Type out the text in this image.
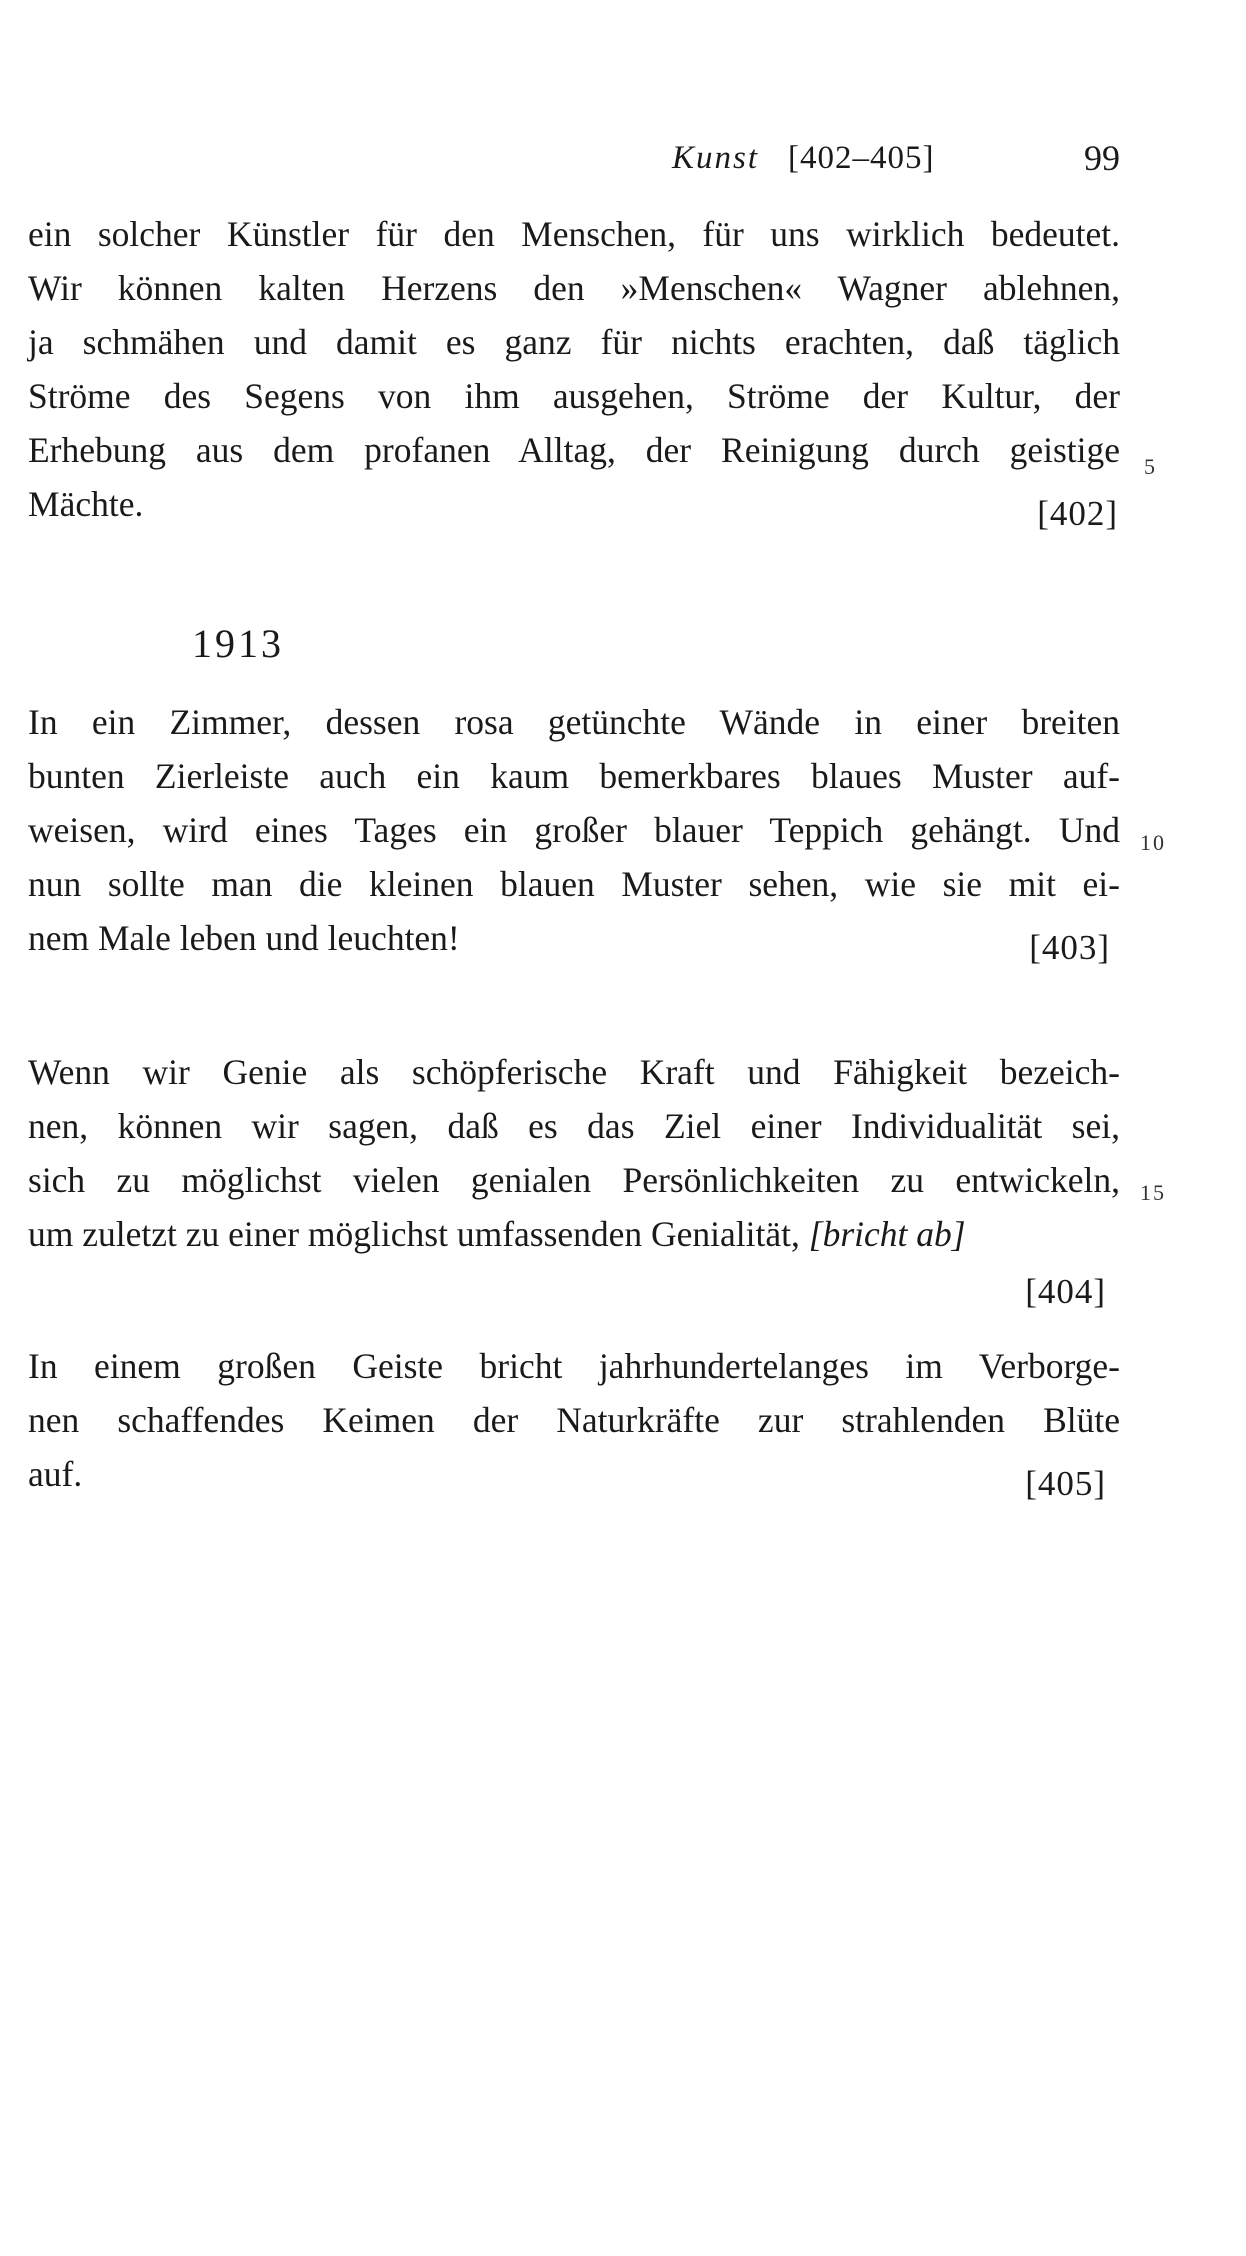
Kunst [402–405]	99
ein solcher Künstler für den Menschen, für uns wirklich bedeutet.
Wir können kalten Herzens den »Menschen« Wagner ablehnen,
ja schmähen und damit es ganz für nichts erachten, daß täglich
Ströme des Segens von ihm ausgehen, Ströme der Kultur, der
Erhebung aus dem profanen Alltag, der Reinigung durch geistige
Mächte.	[402]
1913
In ein Zimmer, dessen rosa getünchte Wände in einer breiten
bunten Zierleiste auch ein kaum bemerkbares blaues Muster auf-
weisen, wird eines Tages ein großer blauer Teppich gehängt. Und
nun sollte man die kleinen blauen Muster sehen, wie sie mit ei-
nem Male leben und leuchten!	[403]
Wenn wir Genie als schöpferische Kraft und Fähigkeit bezeich-
nen, können wir sagen, daß es das Ziel einer Individualität sei,
sich zu möglichst vielen genialen Persönlichkeiten zu entwickeln,
um zuletzt zu einer möglichst umfassenden Genialität, [bricht ab]
[404]
In einem großen Geiste bricht jahrhundertelanges im Verborge-
nen schaffendes Keimen der Naturkräfte zur strahlenden Blüte
auf.	[405]
5
10
15
